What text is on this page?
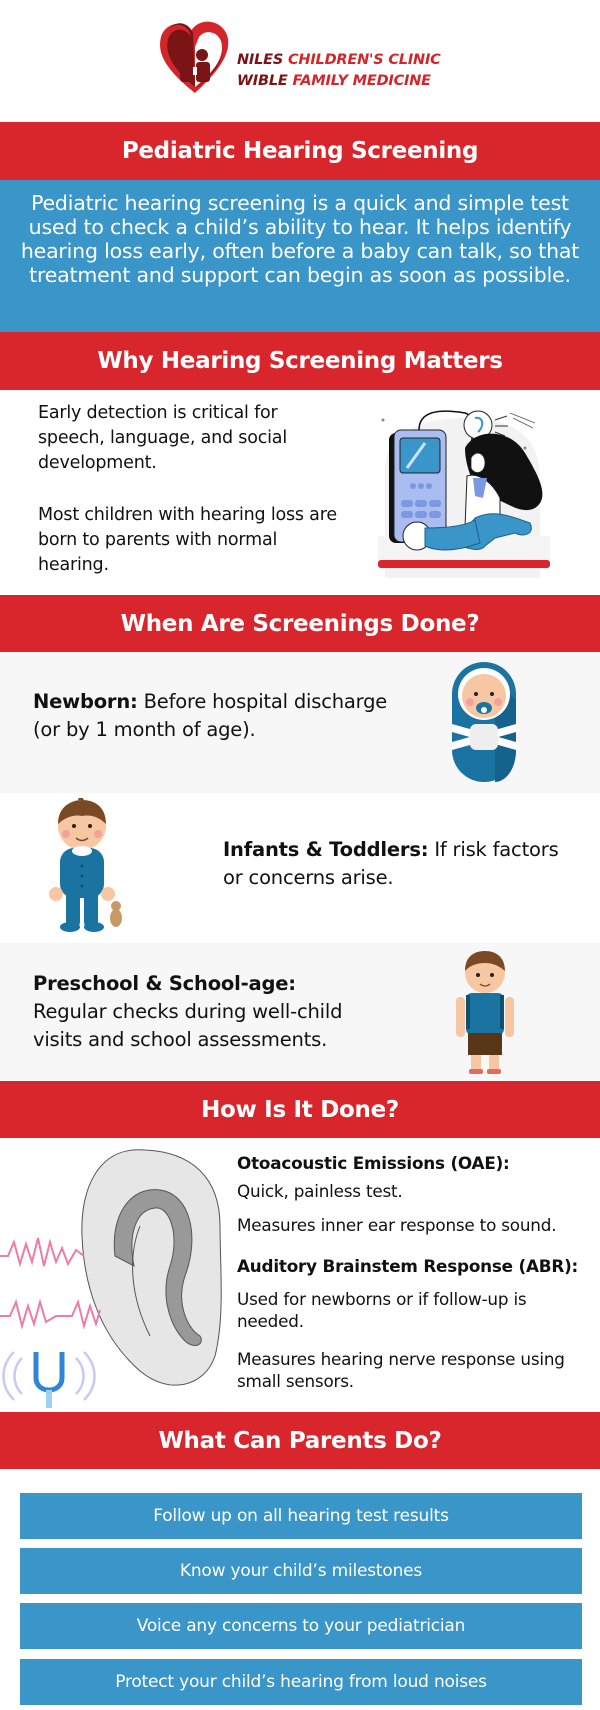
NILES CHILDREN'S CLINIC
WIBLE FAMILY MEDICINE
Pediatric Hearing Screening
Pediatric hearing screening is a quick and simple test used to check a child’s ability to hear. It helps identify hearing loss early, often before a baby can talk, so that treatment and support can begin as soon as possible.
Why Hearing Screening Matters

Early detection is critical for speech, language, and social development.

Most children with hearing loss are born to parents with normal hearing.

When Are Screenings Done?
Newborn: Before hospital discharge (or by 1 month of age).
Infants & Toddlers: If risk factors or concerns arise.
Preschool & School-age:
Regular checks during well-child visits and school assessments.
How Is It Done?
Otoacoustic Emissions (OAE):
Quick, painless test.
Measures inner ear response to sound.
Auditory Brainstem Response (ABR):
Used for newborns or if follow-up is needed.
Measures hearing nerve response using small sensors.
What Can Parents Do?
Follow up on all hearing test results
Know your child’s milestones
Voice any concerns to your pediatrician
Protect your child’s hearing from loud noises
